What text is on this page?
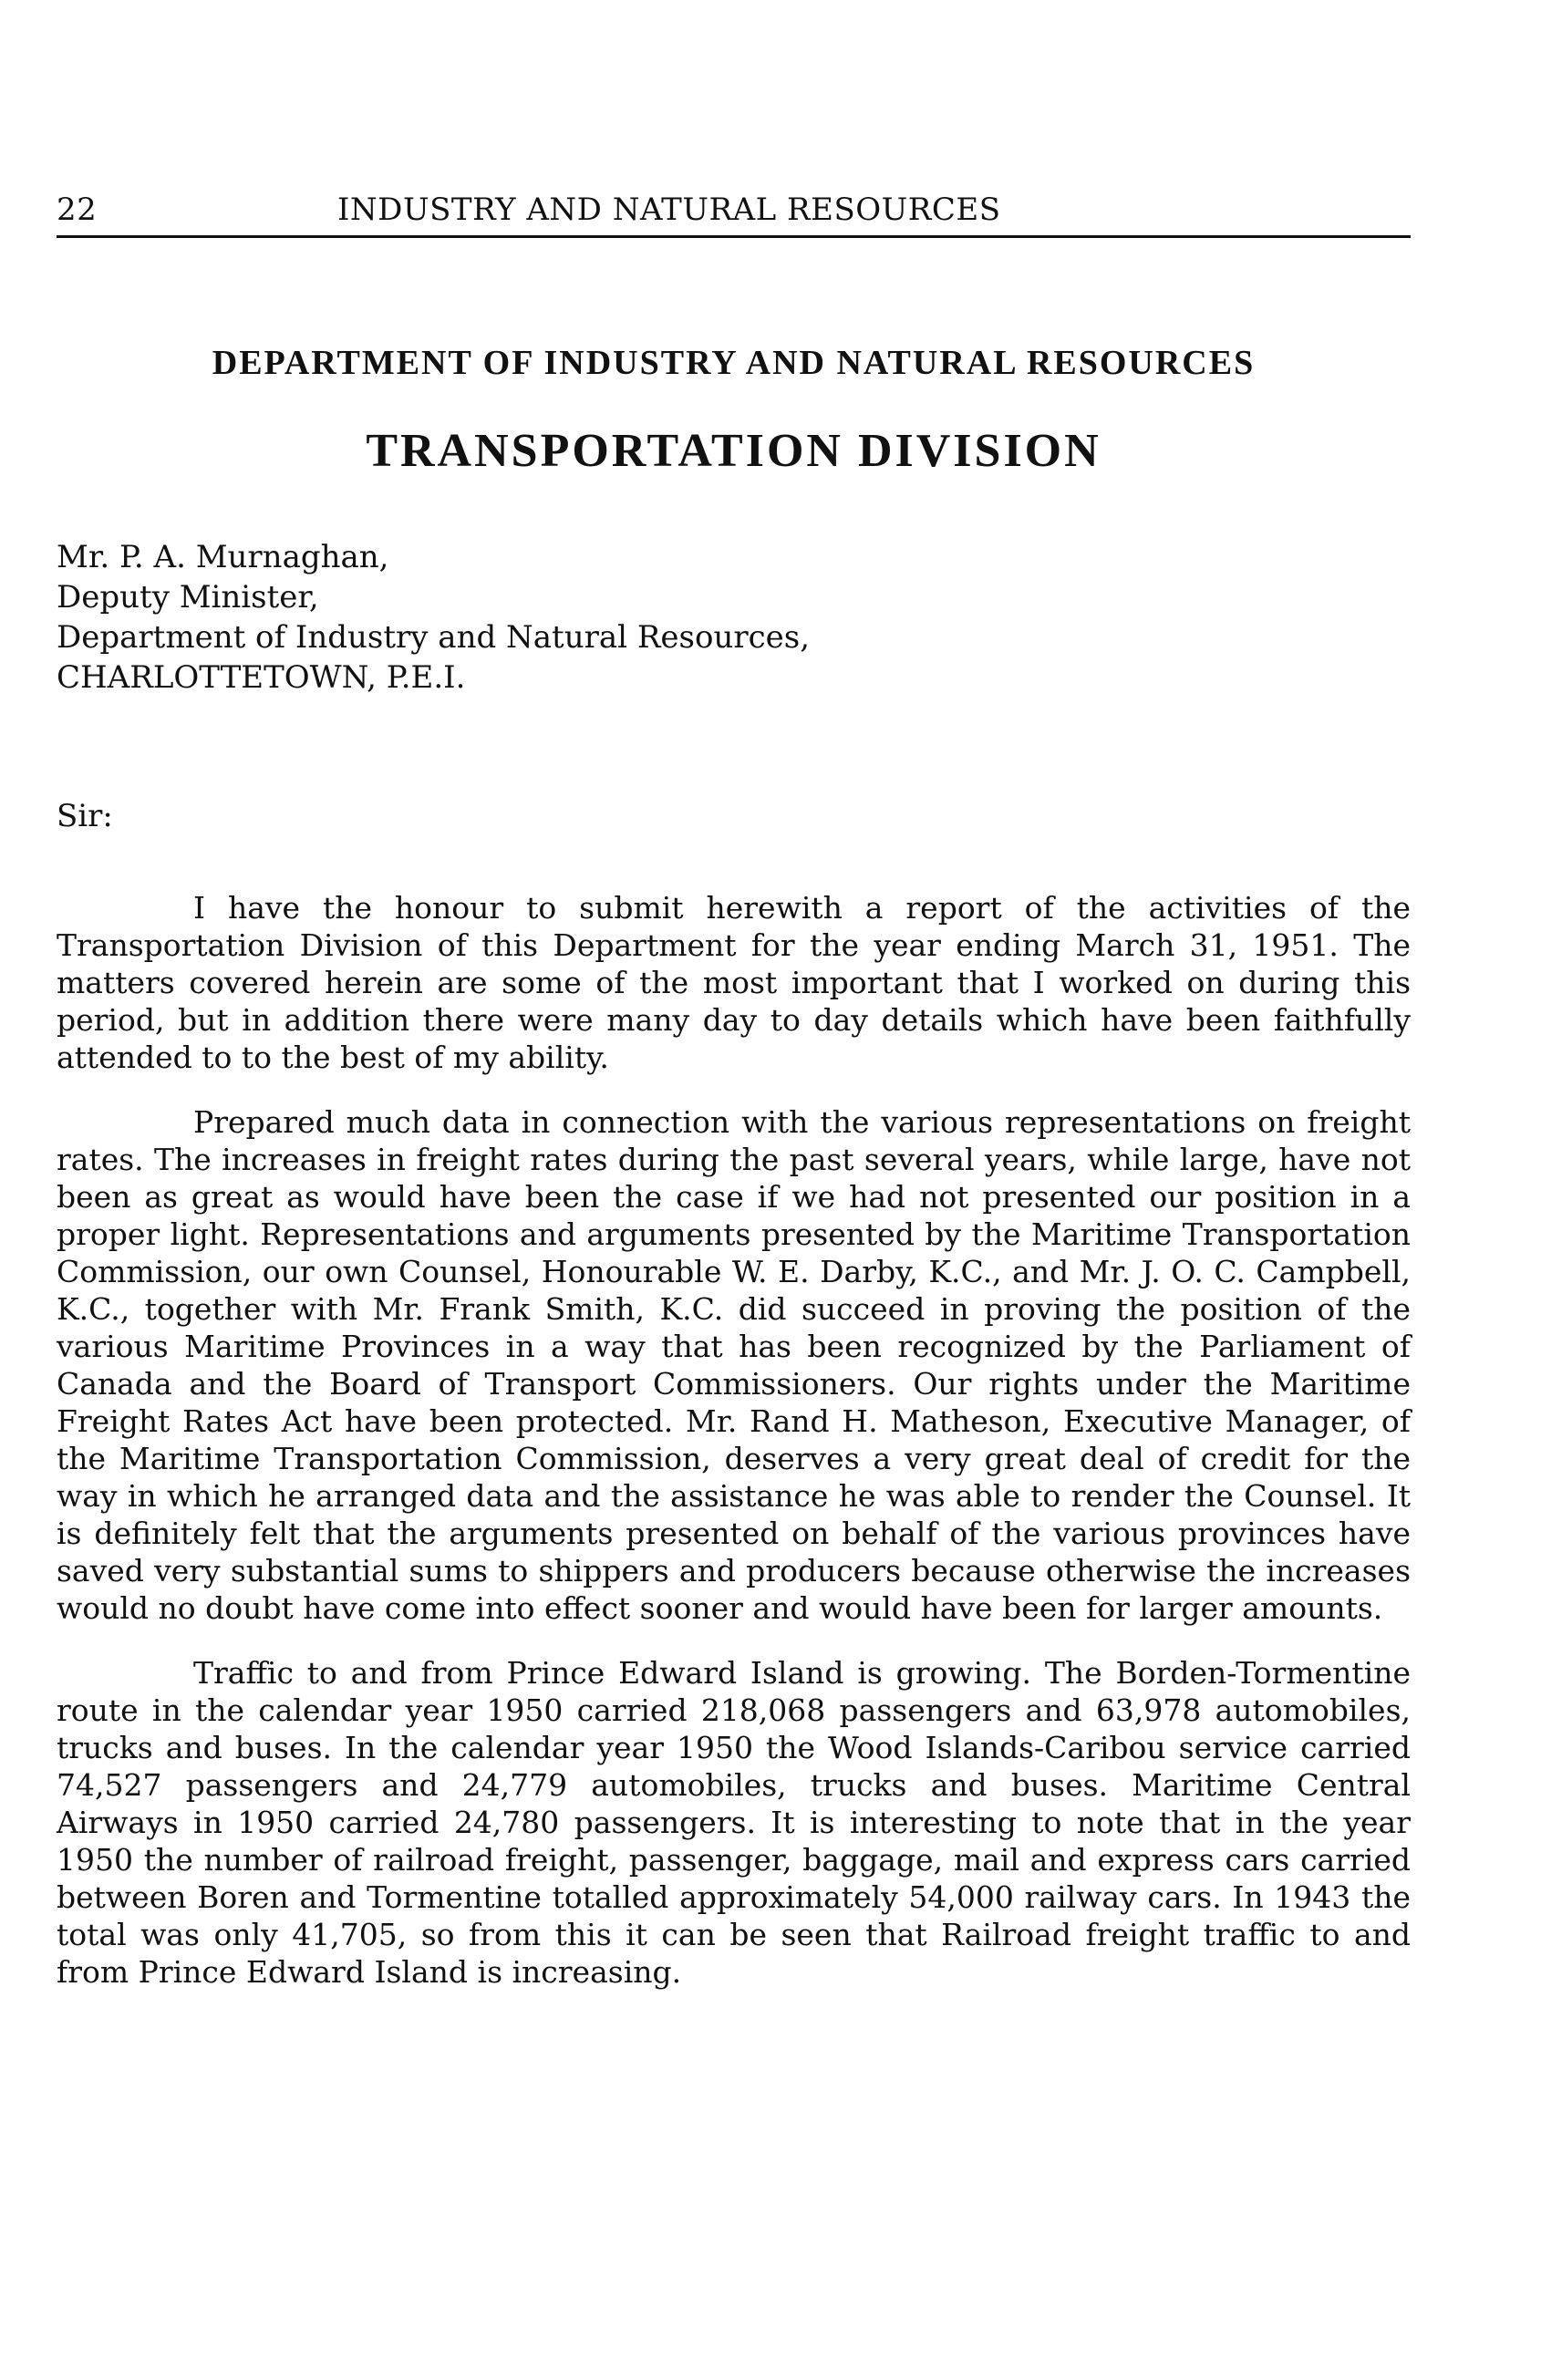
22	INDUSTRY AND NATURAL RESOURCES
DEPARTMENT OF INDUSTRY AND NATURAL RESOURCES
TRANSPORTATION DIVISION
Mr. P. A. Murnaghan,
Deputy Minister,
Department of Industry and Natural Resources,
CHARLOTTETOWN, P.E.I.
Sir:

I have the honour to submit herewith a report of the activities of the Transportation Division of this Department for the year ending March 31, 1951. The matters covered herein are some of the most important that I worked on during this period, but in addition there were many day to day details which have been faithfully attended to to the best of my ability.

Prepared much data in connection with the various representations on freight rates. The increases in freight rates during the past several years, while large, have not been as great as would have been the case if we had not presented our position in a proper light. Representations and arguments presented by the Maritime Transportation Commission, our own Counsel, Honourable W. E. Darby, K.C., and Mr. J. O. C. Campbell, K.C., together with Mr. Frank Smith, K.C. did succeed in proving the position of the various Maritime Provinces in a way that has been recognized by the Parliament of Canada and the Board of Transport Commissioners. Our rights under the Maritime Freight Rates Act have been protected. Mr. Rand H. Matheson, Executive Manager, of the Maritime Transportation Commission, deserves a very great deal of credit for the way in which he arranged data and the assistance he was able to render the Counsel. It is definitely felt that the arguments presented on behalf of the various provinces have saved very substantial sums to shippers and producers because otherwise the increases would no doubt have come into effect sooner and would have been for larger amounts.

Traffic to and from Prince Edward Island is growing. The Borden-Tormentine route in the calendar year 1950 carried 218,068 passengers and 63,978 automobiles, trucks and buses. In the calendar year 1950 the Wood Islands-Caribou service carried 74,527 passengers and 24,779 automobiles, trucks and buses. Maritime Central Airways in 1950 carried 24,780 passengers. It is interesting to note that in the year 1950 the number of railroad freight, passenger, baggage, mail and express cars carried between Boren and Tormentine totalled approximately 54,000 railway cars. In 1943 the total was only 41,705, so from this it can be seen that Railroad freight traffic to and from Prince Edward Island is increasing.
